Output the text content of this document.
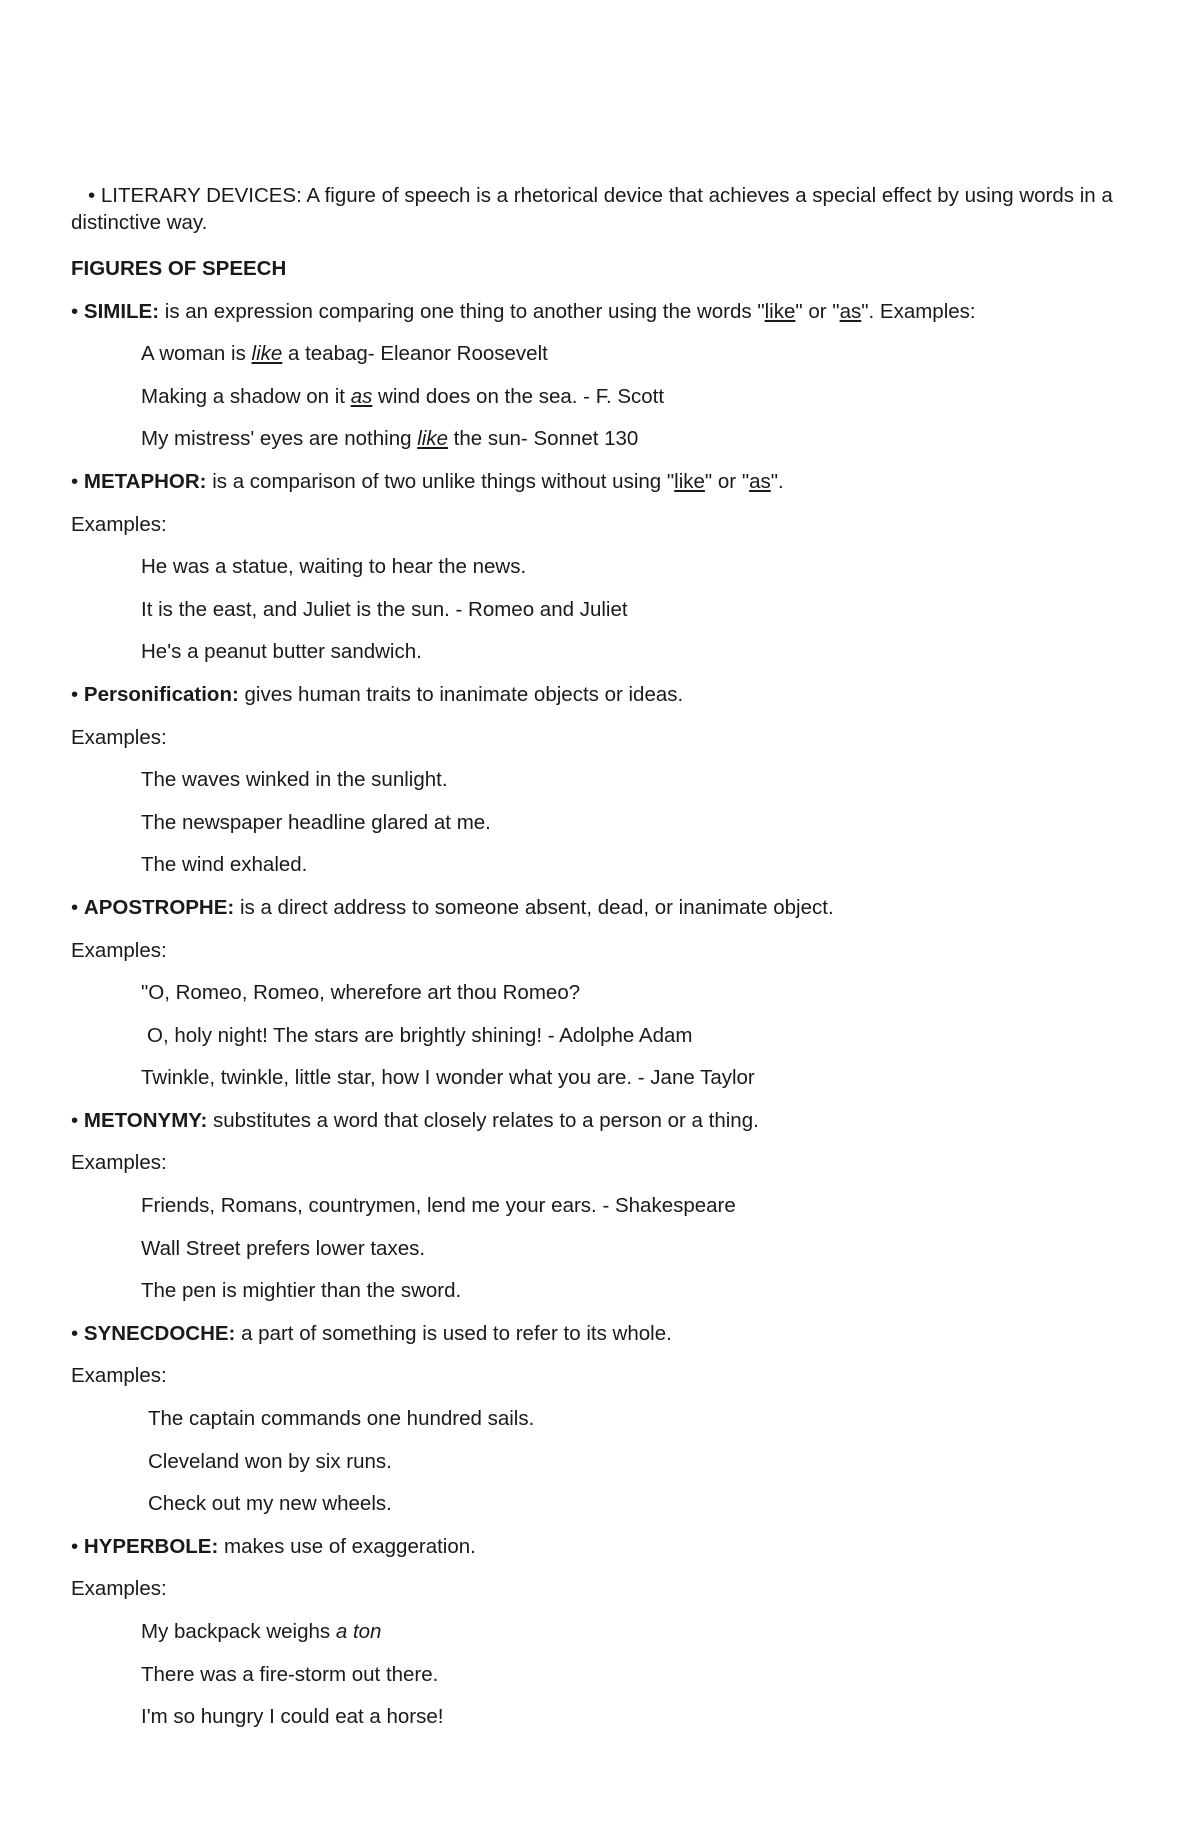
• LITERARY DEVICES: A figure of speech is a rhetorical device that achieves a special effect by using words in a distinctive way.

FIGURES OF SPEECH
• SIMILE: is an expression comparing one thing to another using the words "like" or "as". Examples:
A woman is like a teabag- Eleanor Roosevelt
Making a shadow on it as wind does on the sea. - F. Scott
My mistress' eyes are nothing like the sun- Sonnet 130
• METAPHOR: is a comparison of two unlike things without using "like" or "as".
Examples:
He was a statue, waiting to hear the news.
It is the east, and Juliet is the sun. - Romeo and Juliet
He's a peanut butter sandwich.
• Personification: gives human traits to inanimate objects or ideas.
Examples:
The waves winked in the sunlight.
The newspaper headline glared at me.
The wind exhaled.
• APOSTROPHE: is a direct address to someone absent, dead, or inanimate object.
Examples:
"O, Romeo, Romeo, wherefore art thou Romeo?
O, holy night! The stars are brightly shining! - Adolphe Adam
Twinkle, twinkle, little star, how I wonder what you are. - Jane Taylor
• METONYMY: substitutes a word that closely relates to a person or a thing.
Examples:
Friends, Romans, countrymen, lend me your ears. - Shakespeare
Wall Street prefers lower taxes.
The pen is mightier than the sword.
• SYNECDOCHE: a part of something is used to refer to its whole.
Examples:
The captain commands one hundred sails.
Cleveland won by six runs.
Check out my new wheels.
• HYPERBOLE: makes use of exaggeration.
Examples:
My backpack weighs a ton
There was a fire-storm out there.
I'm so hungry I could eat a horse!
